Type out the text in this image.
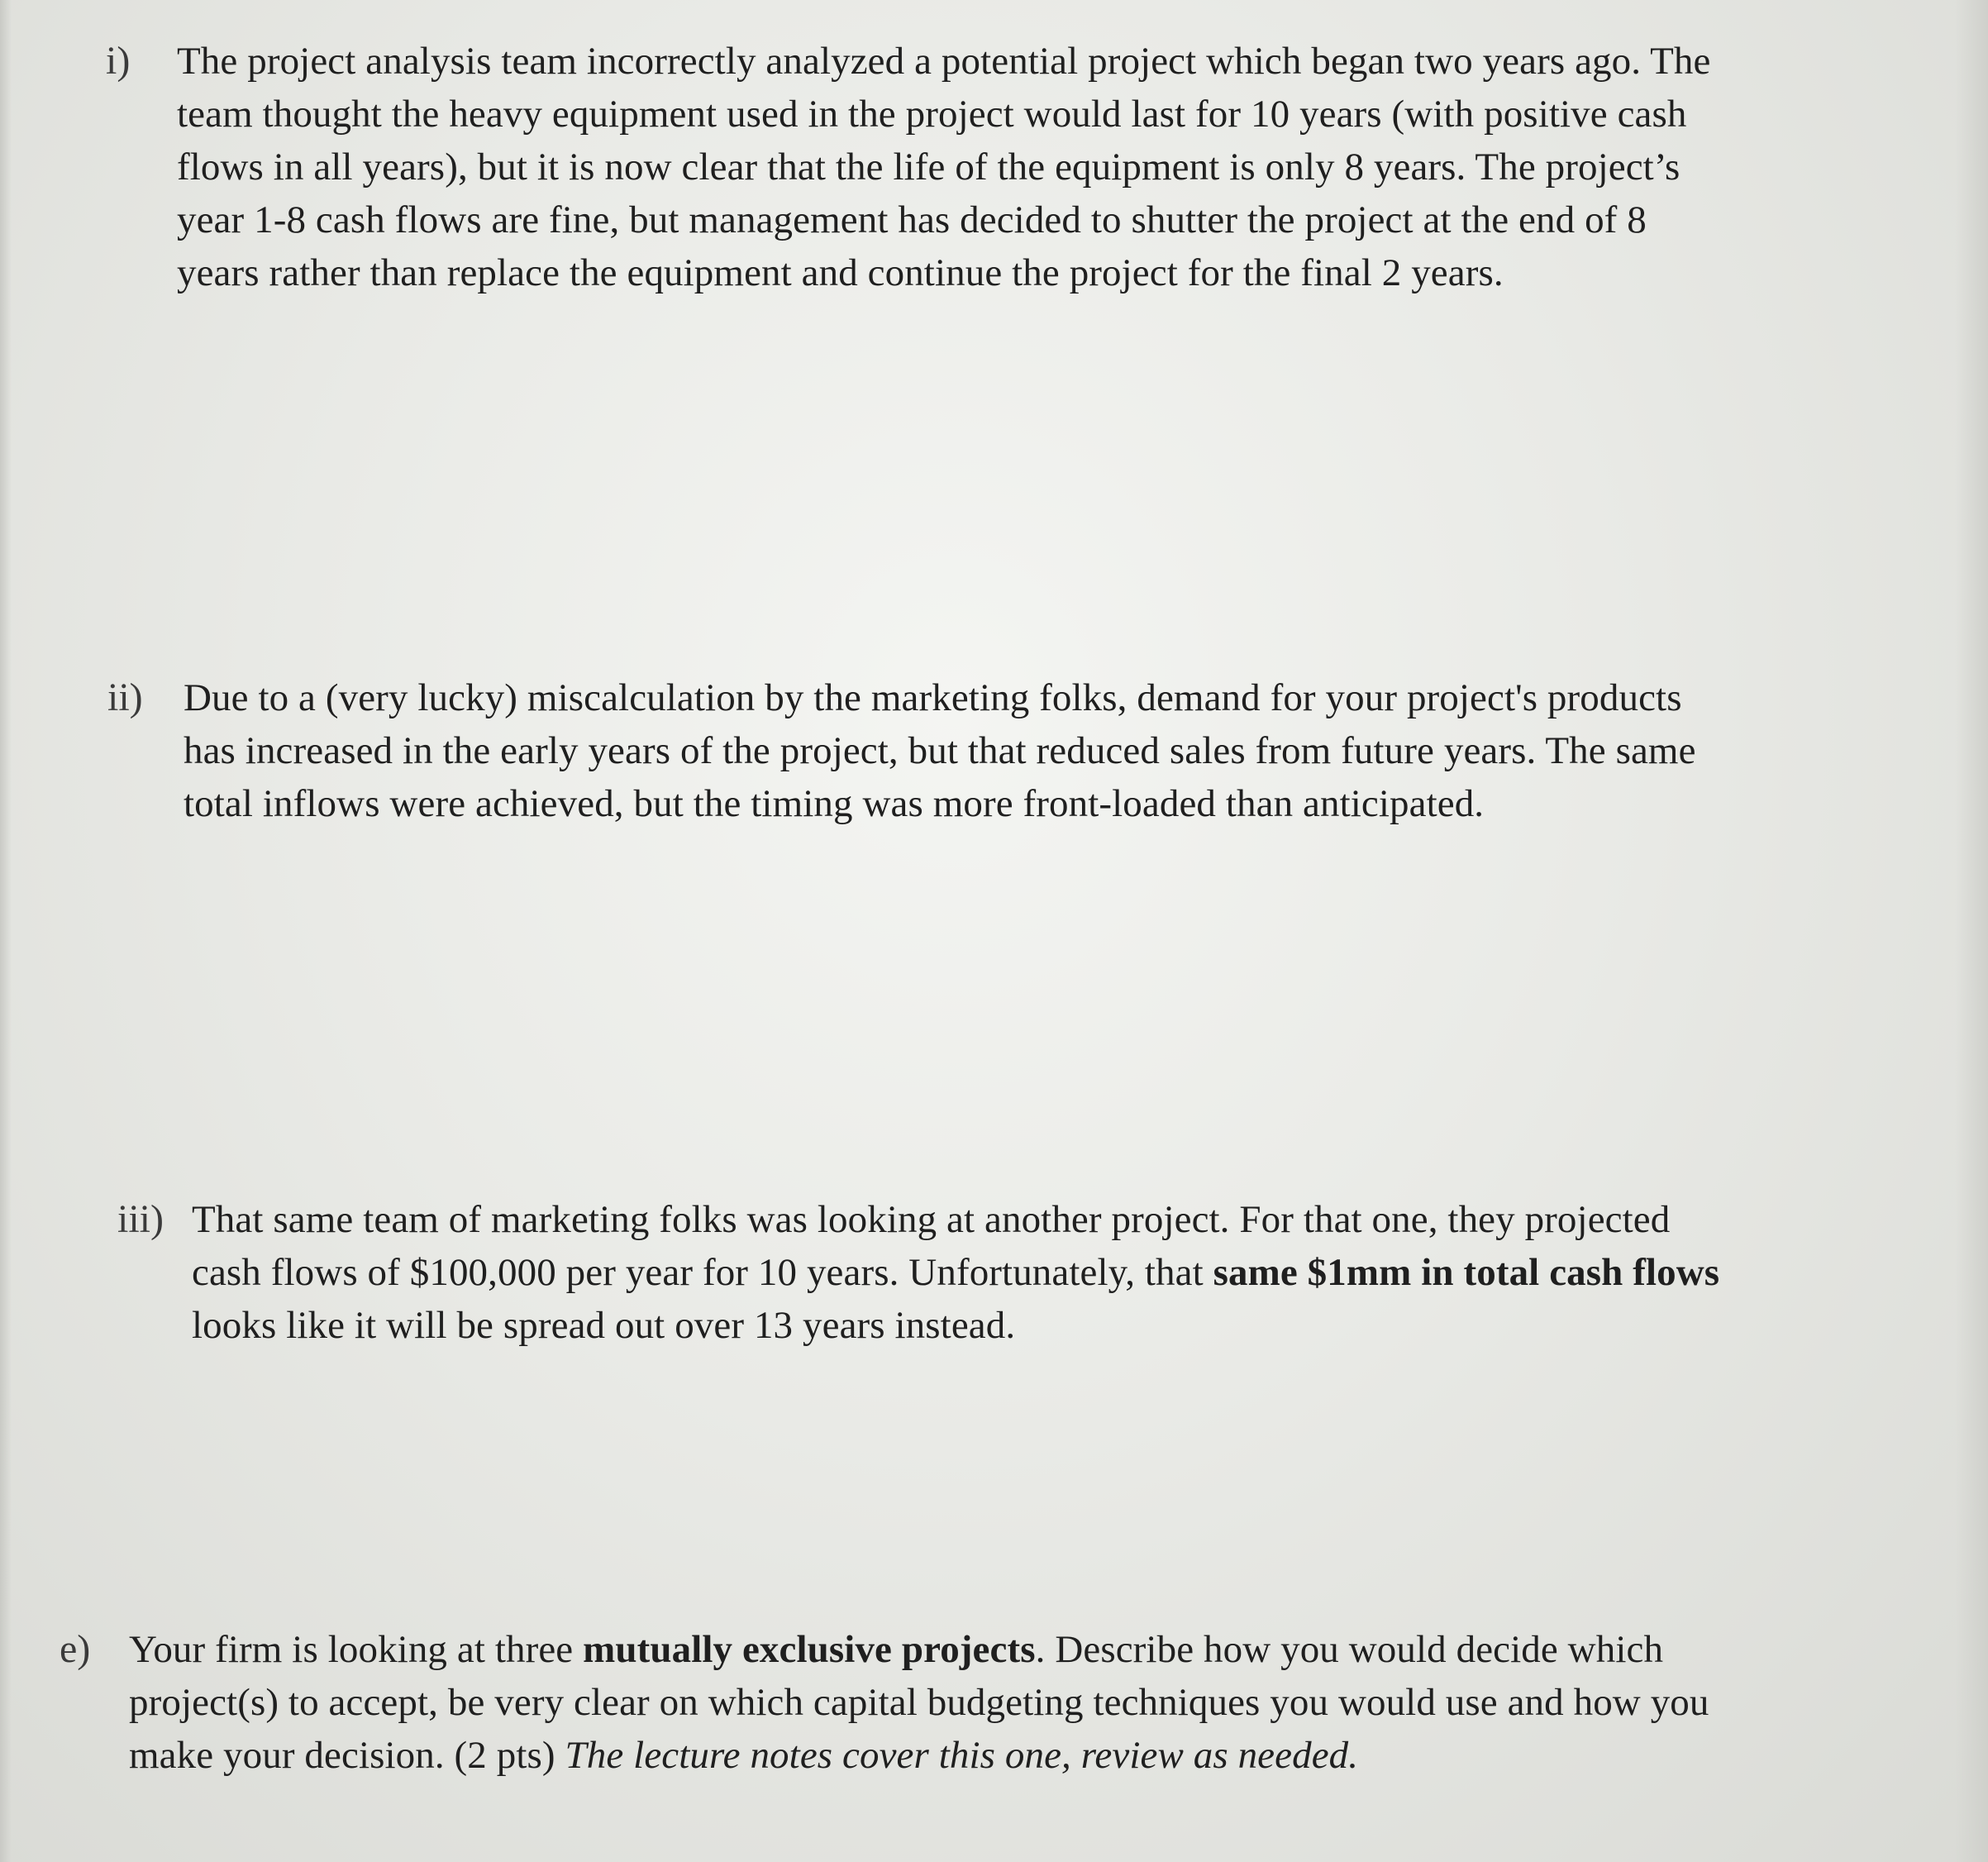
i) The project analysis team incorrectly analyzed a potential project which began two years ago. The
team thought the heavy equipment used in the project would last for 10 years (with positive cash
flows in all years), but it is now clear that the life of the equipment is only 8 years. The project’s
year 1-8 cash flows are fine, but management has decided to shutter the project at the end of 8
years rather than replace the equipment and continue the project for the final 2 years.

ii) Due to a (very lucky) miscalculation by the marketing folks, demand for your project's products
has increased in the early years of the project, but that reduced sales from future years. The same
total inflows were achieved, but the timing was more front-loaded than anticipated.

iii) That same team of marketing folks was looking at another project. For that one, they projected
cash flows of $100,000 per year for 10 years. Unfortunately, that same $1mm in total cash flows
looks like it will be spread out over 13 years instead.

e) Your firm is looking at three mutually exclusive projects. Describe how you would decide which
project(s) to accept, be very clear on which capital budgeting techniques you would use and how you
make your decision. (2 pts) The lecture notes cover this one, review as needed.
